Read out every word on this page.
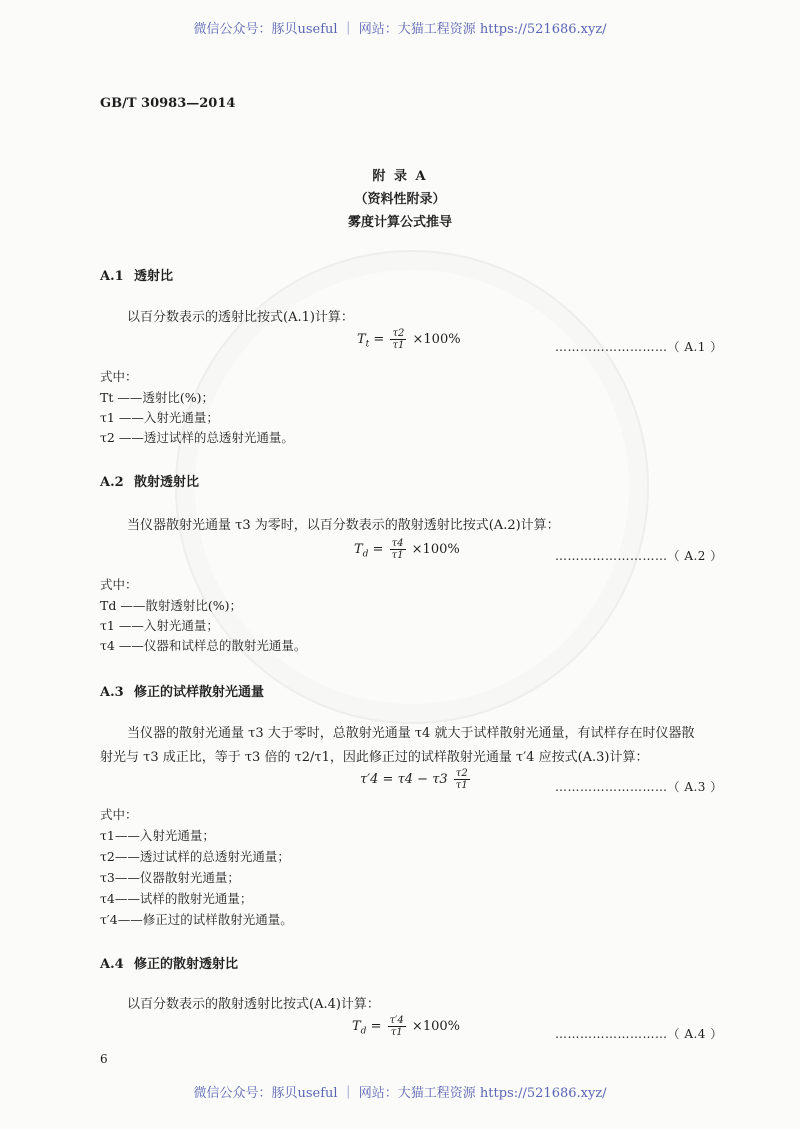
微信公众号：豚贝useful ｜ 网站：大猫工程资源 https://521686.xyz/
GB/T 30983—2014
附 录 A
（资料性附录）
雾度计算公式推导
A.1 透射比
以百分数表示的透射比按式(A.1)计算：
$T_t = \frac{\tau 2}{\tau 1} \times 100\%$	………………………（ A.1 ）
式中：
Tt ——透射比(%)；
τ1 ——入射光通量；
τ2 ——透过试样的总透射光通量。
A.2 散射透射比
当仪器散射光通量 τ3 为零时，以百分数表示的散射透射比按式(A.2)计算：
$T_d = \frac{\tau 4}{\tau 1} \times 100\%$	………………………（ A.2 ）
式中：
Td ——散射透射比(%)；
τ1 ——入射光通量；
τ4 ——仪器和试样总的散射光通量。
A.3 修正的试样散射光通量
当仪器的散射光通量 τ3 大于零时，总散射光通量 τ4 就大于试样散射光通量，有试样存在时仪器散
射光与 τ3 成正比，等于 τ3 倍的 τ2/τ1，因此修正过的试样散射光通量 τ′4 应按式(A.3)计算：
$\tau'4 = \tau 4 - \tau 3 \frac{\tau 2}{\tau 1}$	………………………（ A.3 ）
式中：
τ1——入射光通量；
τ2——透过试样的总透射光通量；
τ3——仪器散射光通量；
τ4——试样的散射光通量；
τ′4——修正过的试样散射光通量。
A.4 修正的散射透射比
以百分数表示的散射透射比按式(A.4)计算：
$T_d = \frac{\tau'4}{\tau 1} \times 100\%$	………………………（ A.4 ）
6
微信公众号：豚贝useful ｜ 网站：大猫工程资源 https://521686.xyz/
